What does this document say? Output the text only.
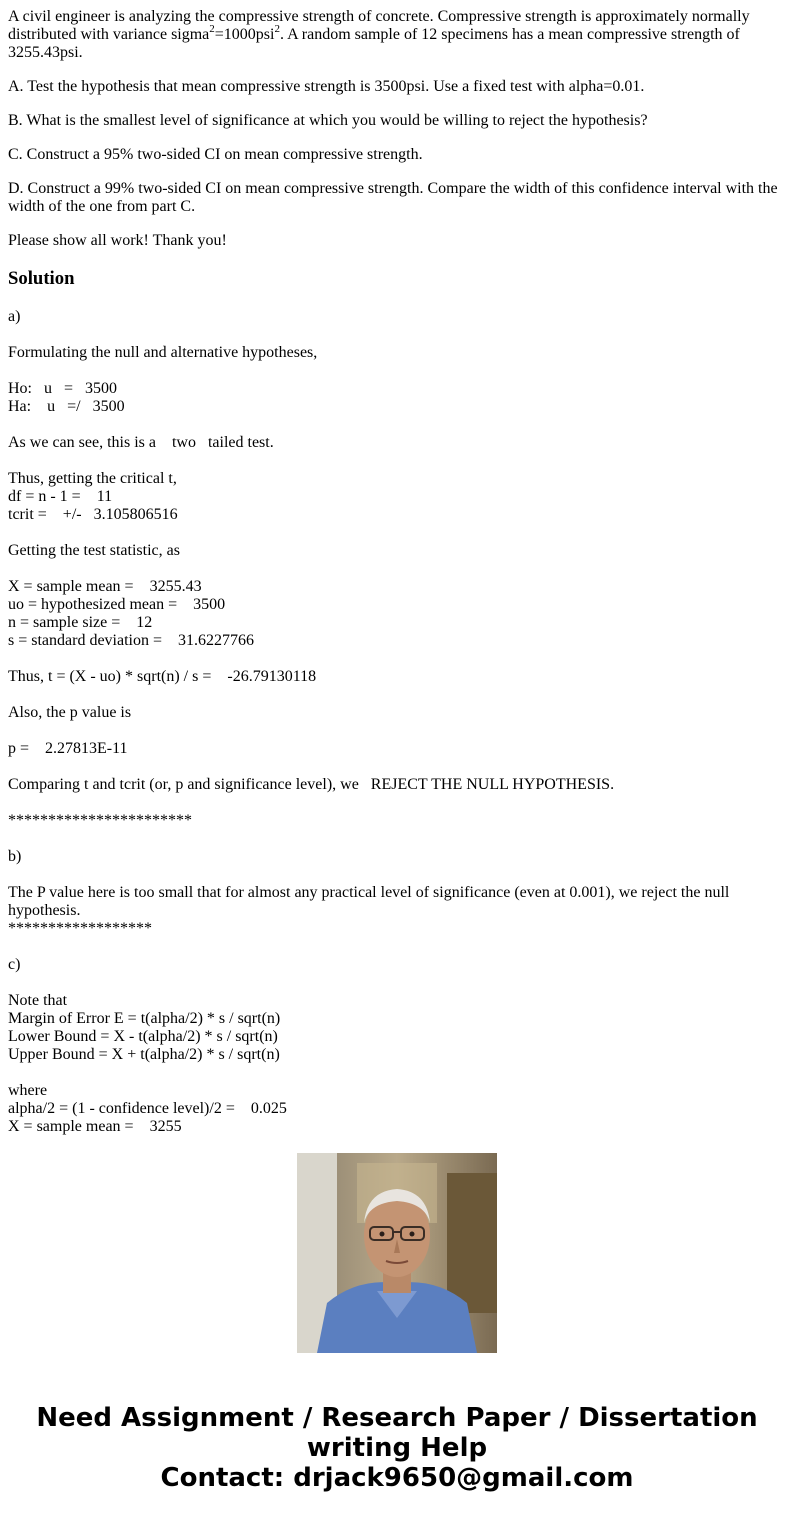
A civil engineer is analyzing the compressive strength of concrete. Compressive strength is approximately normally distributed with variance sigma$^2$=1000psi$^2$. A random sample of 12 specimens has a mean compressive strength of 3255.43psi.

A. Test the hypothesis that mean compressive strength is 3500psi. Use a fixed test with alpha=0.01.

B. What is the smallest level of significance at which you would be willing to reject the hypothesis?

C. Construct a 95% two-sided CI on mean compressive strength.

D. Construct a 99% two-sided CI on mean compressive strength. Compare the width of this confidence interval with the width of the one from part C.

Please show all work! Thank you!

Solution
a)
Formulating the null and alternative hypotheses,
Ho:   u   =   3500
Ha:    u   =/   3500
As we can see, this is a    two   tailed test.
Thus, getting the critical t,
df = n - 1 =    11
tcrit =    +/-   3.105806516
Getting the test statistic, as
X = sample mean =    3255.43
uo = hypothesized mean =    3500
n = sample size =    12
s = standard deviation =    31.6227766
Thus, t = (X - uo) * sqrt(n) / s =    -26.79130118
Also, the p value is
p =    2.27813E-11
Comparing t and tcrit (or, p and significance level), we   REJECT THE NULL HYPOTHESIS.
***********************
b)
The P value here is too small that for almost any practical level of significance (even at 0.001), we reject the null
hypothesis.
******************
c)
Note that
Margin of Error E = t(alpha/2) * s / sqrt(n)
Lower Bound = X - t(alpha/2) * s / sqrt(n)
Upper Bound = X + t(alpha/2) * s / sqrt(n)
where
alpha/2 = (1 - confidence level)/2 =    0.025
X = sample mean =    3255
Need Assignment / Research Paper / Dissertation
writing Help
Contact: drjack9650@gmail.com
